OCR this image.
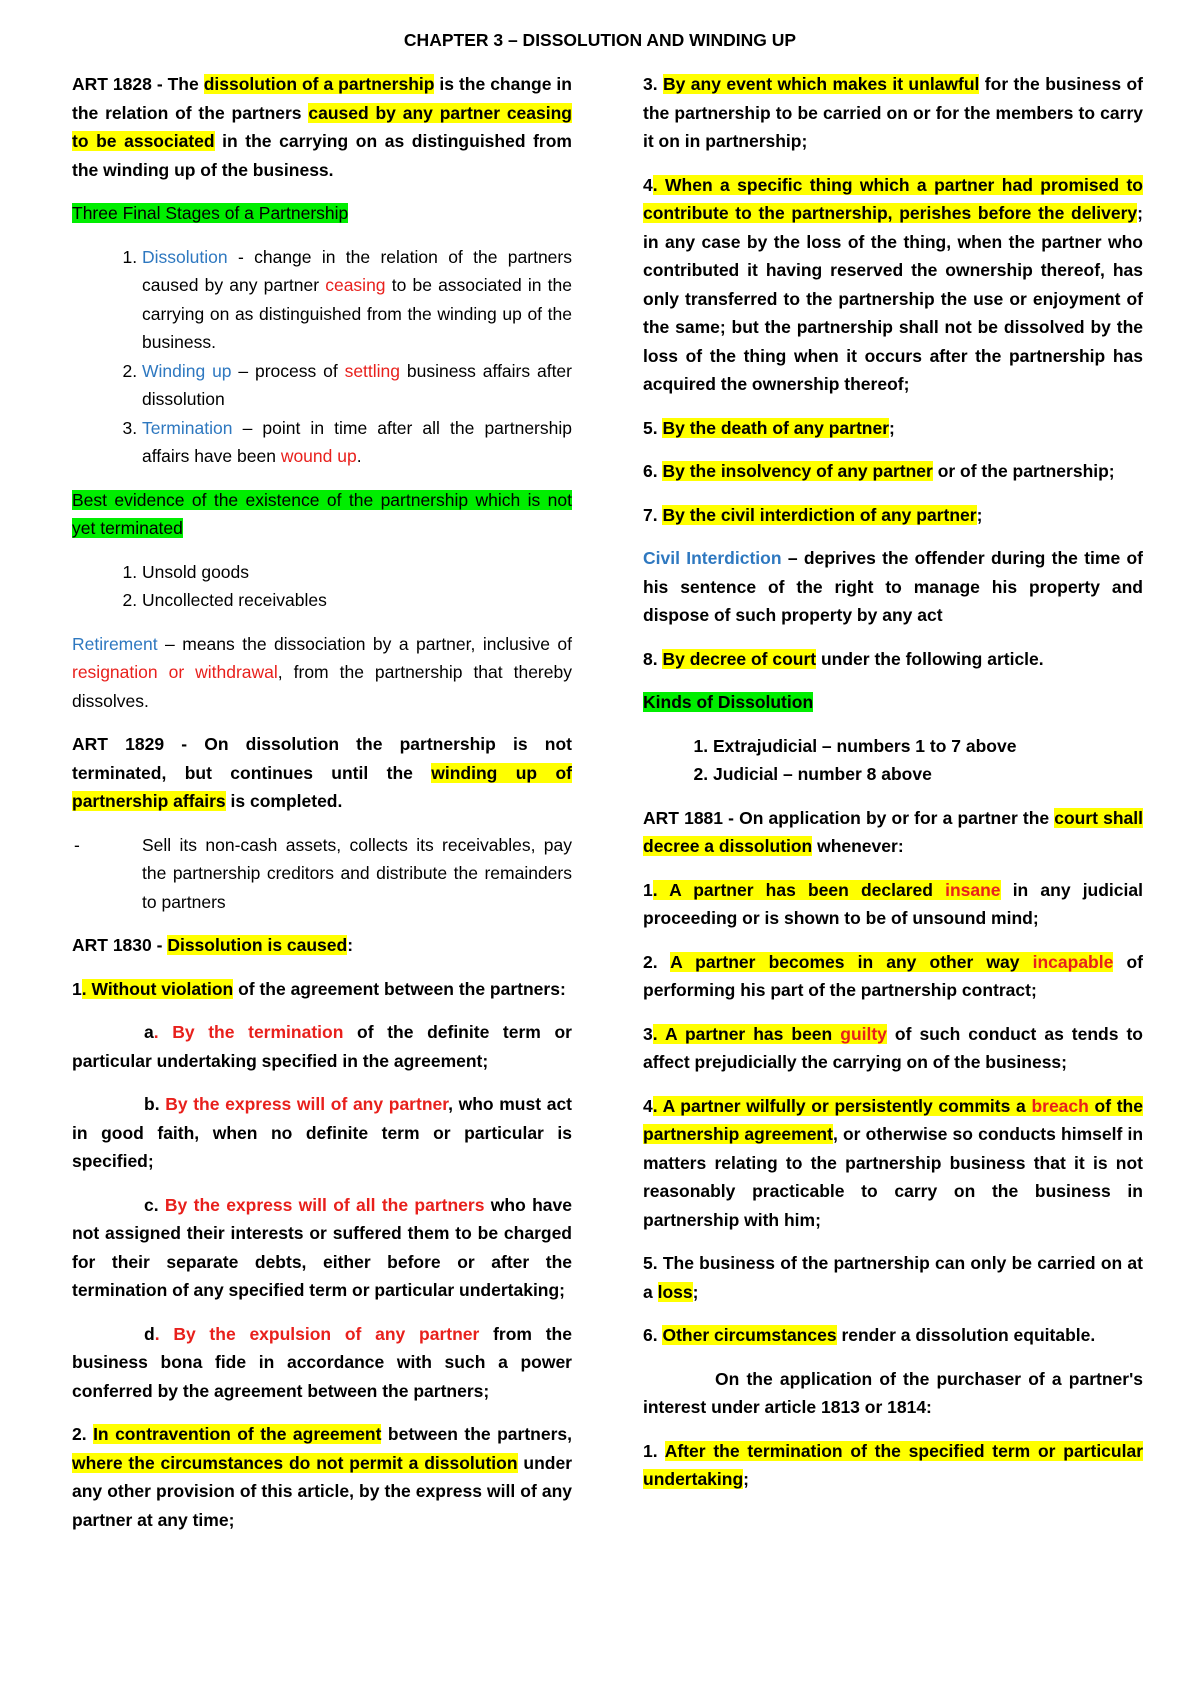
CHAPTER 3 – DISSOLUTION AND WINDING UP

ART 1828 - The dissolution of a partnership is the change in the relation of the partners caused by any partner ceasing to be associated in the carrying on as distinguished from the winding up of the business.

Three Final Stages of a Partnership

1. Dissolution - change in the relation of the partners caused by any partner ceasing to be associated in the carrying on as distinguished from the winding up of the business.
2. Winding up – process of settling business affairs after dissolution
3. Termination – point in time after all the partnership affairs have been wound up.

Best evidence of the existence of the partnership which is not yet terminated

1. Unsold goods
2. Uncollected receivables

Retirement – means the dissociation by a partner, inclusive of resignation or withdrawal, from the partnership that thereby dissolves.

ART 1829 - On dissolution the partnership is not terminated, but continues until the winding up of partnership affairs is completed.

- Sell its non-cash assets, collects its receivables, pay the partnership creditors and distribute the remainders to partners

ART 1830 - Dissolution is caused:

1. Without violation of the agreement between the partners:

a. By the termination of the definite term or particular undertaking specified in the agreement;

b. By the express will of any partner, who must act in good faith, when no definite term or particular is specified;

c. By the express will of all the partners who have not assigned their interests or suffered them to be charged for their separate debts, either before or after the termination of any specified term or particular undertaking;

d. By the expulsion of any partner from the business bona fide in accordance with such a power conferred by the agreement between the partners;

2. In contravention of the agreement between the partners, where the circumstances do not permit a dissolution under any other provision of this article, by the express will of any partner at any time;

3. By any event which makes it unlawful for the business of the partnership to be carried on or for the members to carry it on in partnership;

4. When a specific thing which a partner had promised to contribute to the partnership, perishes before the delivery; in any case by the loss of the thing, when the partner who contributed it having reserved the ownership thereof, has only transferred to the partnership the use or enjoyment of the same; but the partnership shall not be dissolved by the loss of the thing when it occurs after the partnership has acquired the ownership thereof;

5. By the death of any partner;

6. By the insolvency of any partner or of the partnership;

7. By the civil interdiction of any partner;

Civil Interdiction – deprives the offender during the time of his sentence of the right to manage his property and dispose of such property by any act

8. By decree of court under the following article.

Kinds of Dissolution

1. Extrajudicial – numbers 1 to 7 above
2. Judicial – number 8 above

ART 1881 - On application by or for a partner the court shall decree a dissolution whenever:

1. A partner has been declared insane in any judicial proceeding or is shown to be of unsound mind;

2. A partner becomes in any other way incapable of performing his part of the partnership contract;

3. A partner has been guilty of such conduct as tends to affect prejudicially the carrying on of the business;

4. A partner wilfully or persistently commits a breach of the partnership agreement, or otherwise so conducts himself in matters relating to the partnership business that it is not reasonably practicable to carry on the business in partnership with him;

5. The business of the partnership can only be carried on at a loss;

6. Other circumstances render a dissolution equitable.

On the application of the purchaser of a partner's interest under article 1813 or 1814:

1. After the termination of the specified term or particular undertaking;
